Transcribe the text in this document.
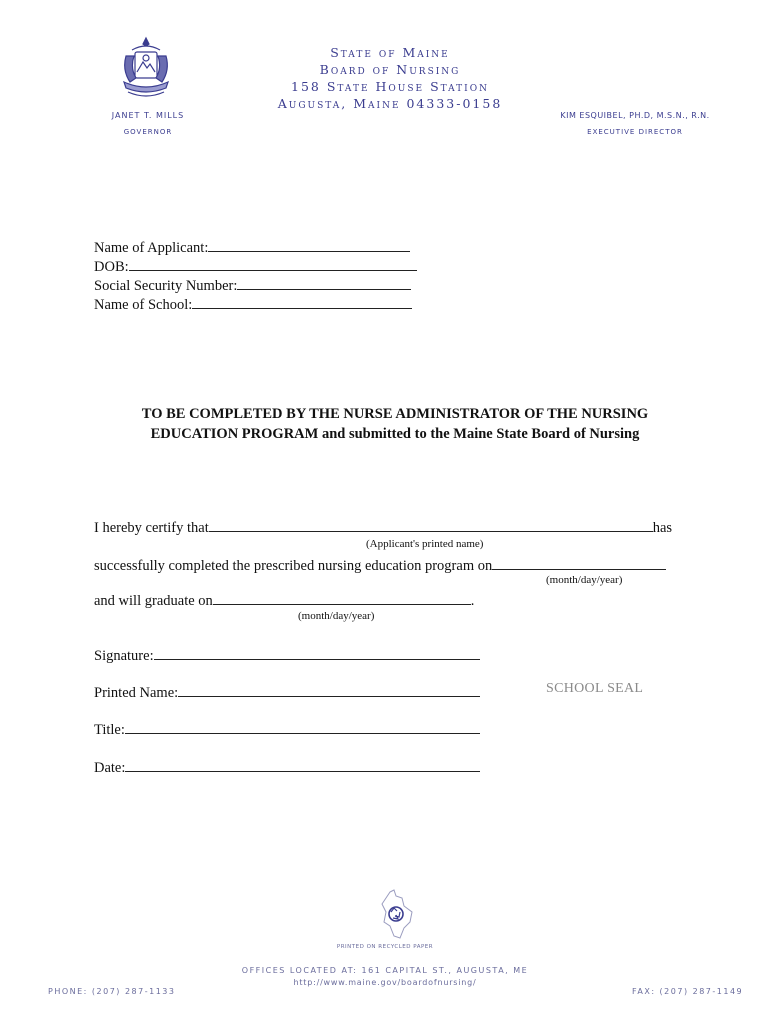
State of Maine
Board of Nursing
158 State House Station
Augusta, Maine 04333-0158
JANET T. MILLS
GOVERNOR
KIM ESQUIBEL, PH.D, M.S.N., R.N.
EXECUTIVE DIRECTOR
Name of Applicant:
DOB:
Social Security Number:
Name of School:
TO BE COMPLETED BY THE NURSE ADMINISTRATOR OF THE NURSING
EDUCATION PROGRAM and submitted to the Maine State Board of Nursing
I hereby certify that	has
(Applicant's printed name)
successfully completed the prescribed nursing education program on
(month/day/year)
and will graduate on	.
(month/day/year)
Signature:
Printed Name:
Title:
Date:
SCHOOL SEAL
PRINTED ON RECYCLED PAPER
OFFICES LOCATED AT: 161 CAPITAL ST., AUGUSTA, ME
http://www.maine.gov/boardofnursing/
PHONE: (207) 287-1133	FAX: (207) 287-1149
